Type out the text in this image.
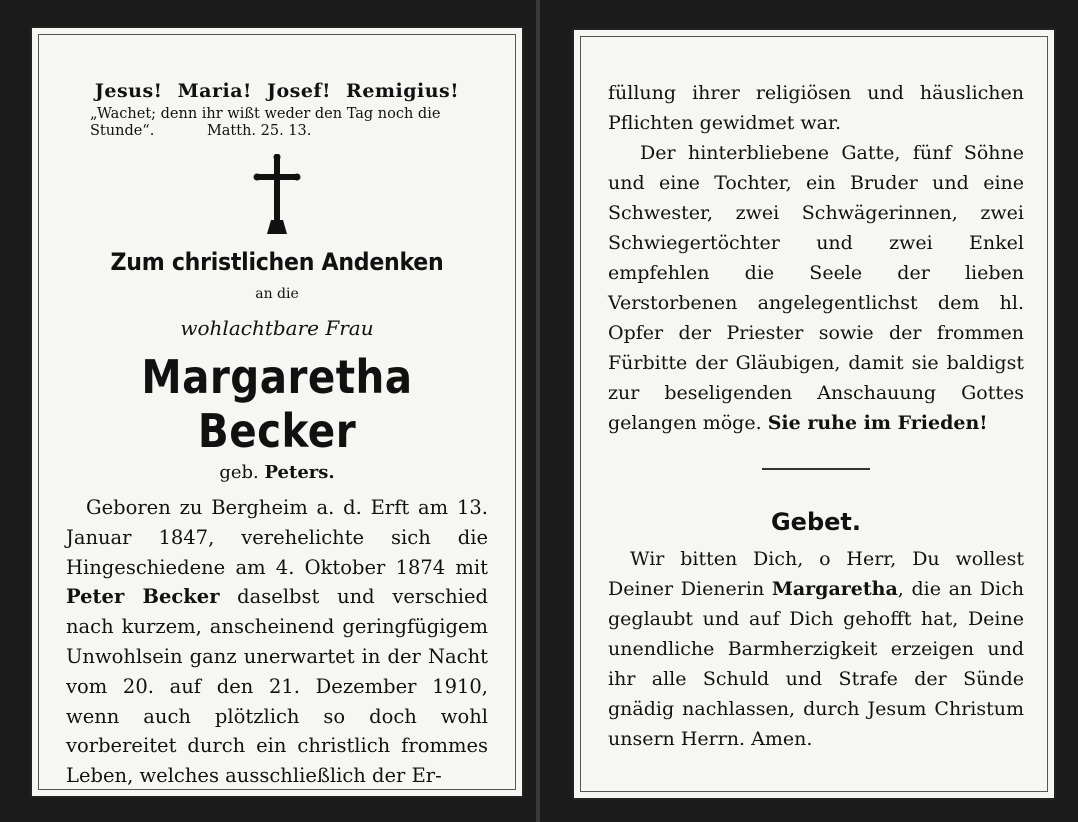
Jesus! Maria! Josef! Remigius!
„Wachet; denn ihr wißt weder den Tag noch die Stunde“.	Matth. 25. 13.
Zum christlichen Andenken
an die
wohlachtbare Frau
Margaretha Becker
geb. Peters.
Geboren zu Bergheim a. d. Erft am 13. Januar 1847, verehelichte sich die Hingeschiedene am 4. Oktober 1874 mit Peter Becker daselbst und verschied nach kurzem, anscheinend geringfügigem Unwohlsein ganz unerwartet in der Nacht vom 20. auf den 21. Dezember 1910, wenn auch plötzlich so doch wohl vorbereitet durch ein christlich frommes Leben, welches ausschließlich der Er-
füllung ihrer religiösen und häuslichen Pflichten gewidmet war.
Der hinterbliebene Gatte, fünf Söhne und eine Tochter, ein Bruder und eine Schwester, zwei Schwägerinnen, zwei Schwiegertöchter und zwei Enkel empfehlen die Seele der lieben Verstorbenen angelegentlichst dem hl. Opfer der Priester sowie der frommen Fürbitte der Gläubigen, damit sie baldigst zur beseligenden Anschauung Gottes gelangen möge. Sie ruhe im Frieden!
Gebet.
Wir bitten Dich, o Herr, Du wollest Deiner Dienerin Margaretha, die an Dich geglaubt und auf Dich gehofft hat, Deine unendliche Barmherzigkeit erzeigen und ihr alle Schuld und Strafe der Sünde gnädig nachlassen, durch Jesum Christum unsern Herrn. Amen.
